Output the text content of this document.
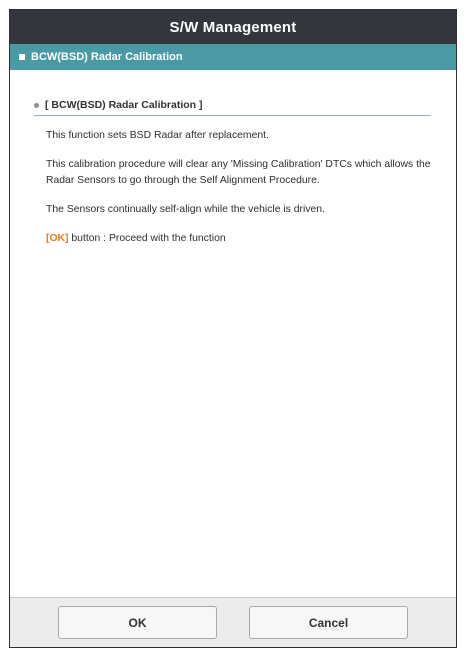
S/W Management
BCW(BSD) Radar Calibration
[ BCW(BSD) Radar Calibration ]

This function sets BSD Radar after replacement.

This calibration procedure will clear any 'Missing Calibration' DTCs which allows the Radar Sensors to go through the Self Alignment Procedure.

The Sensors continually self-align while the vehicle is driven.

[OK] button : Proceed with the function

OK	Cancel
